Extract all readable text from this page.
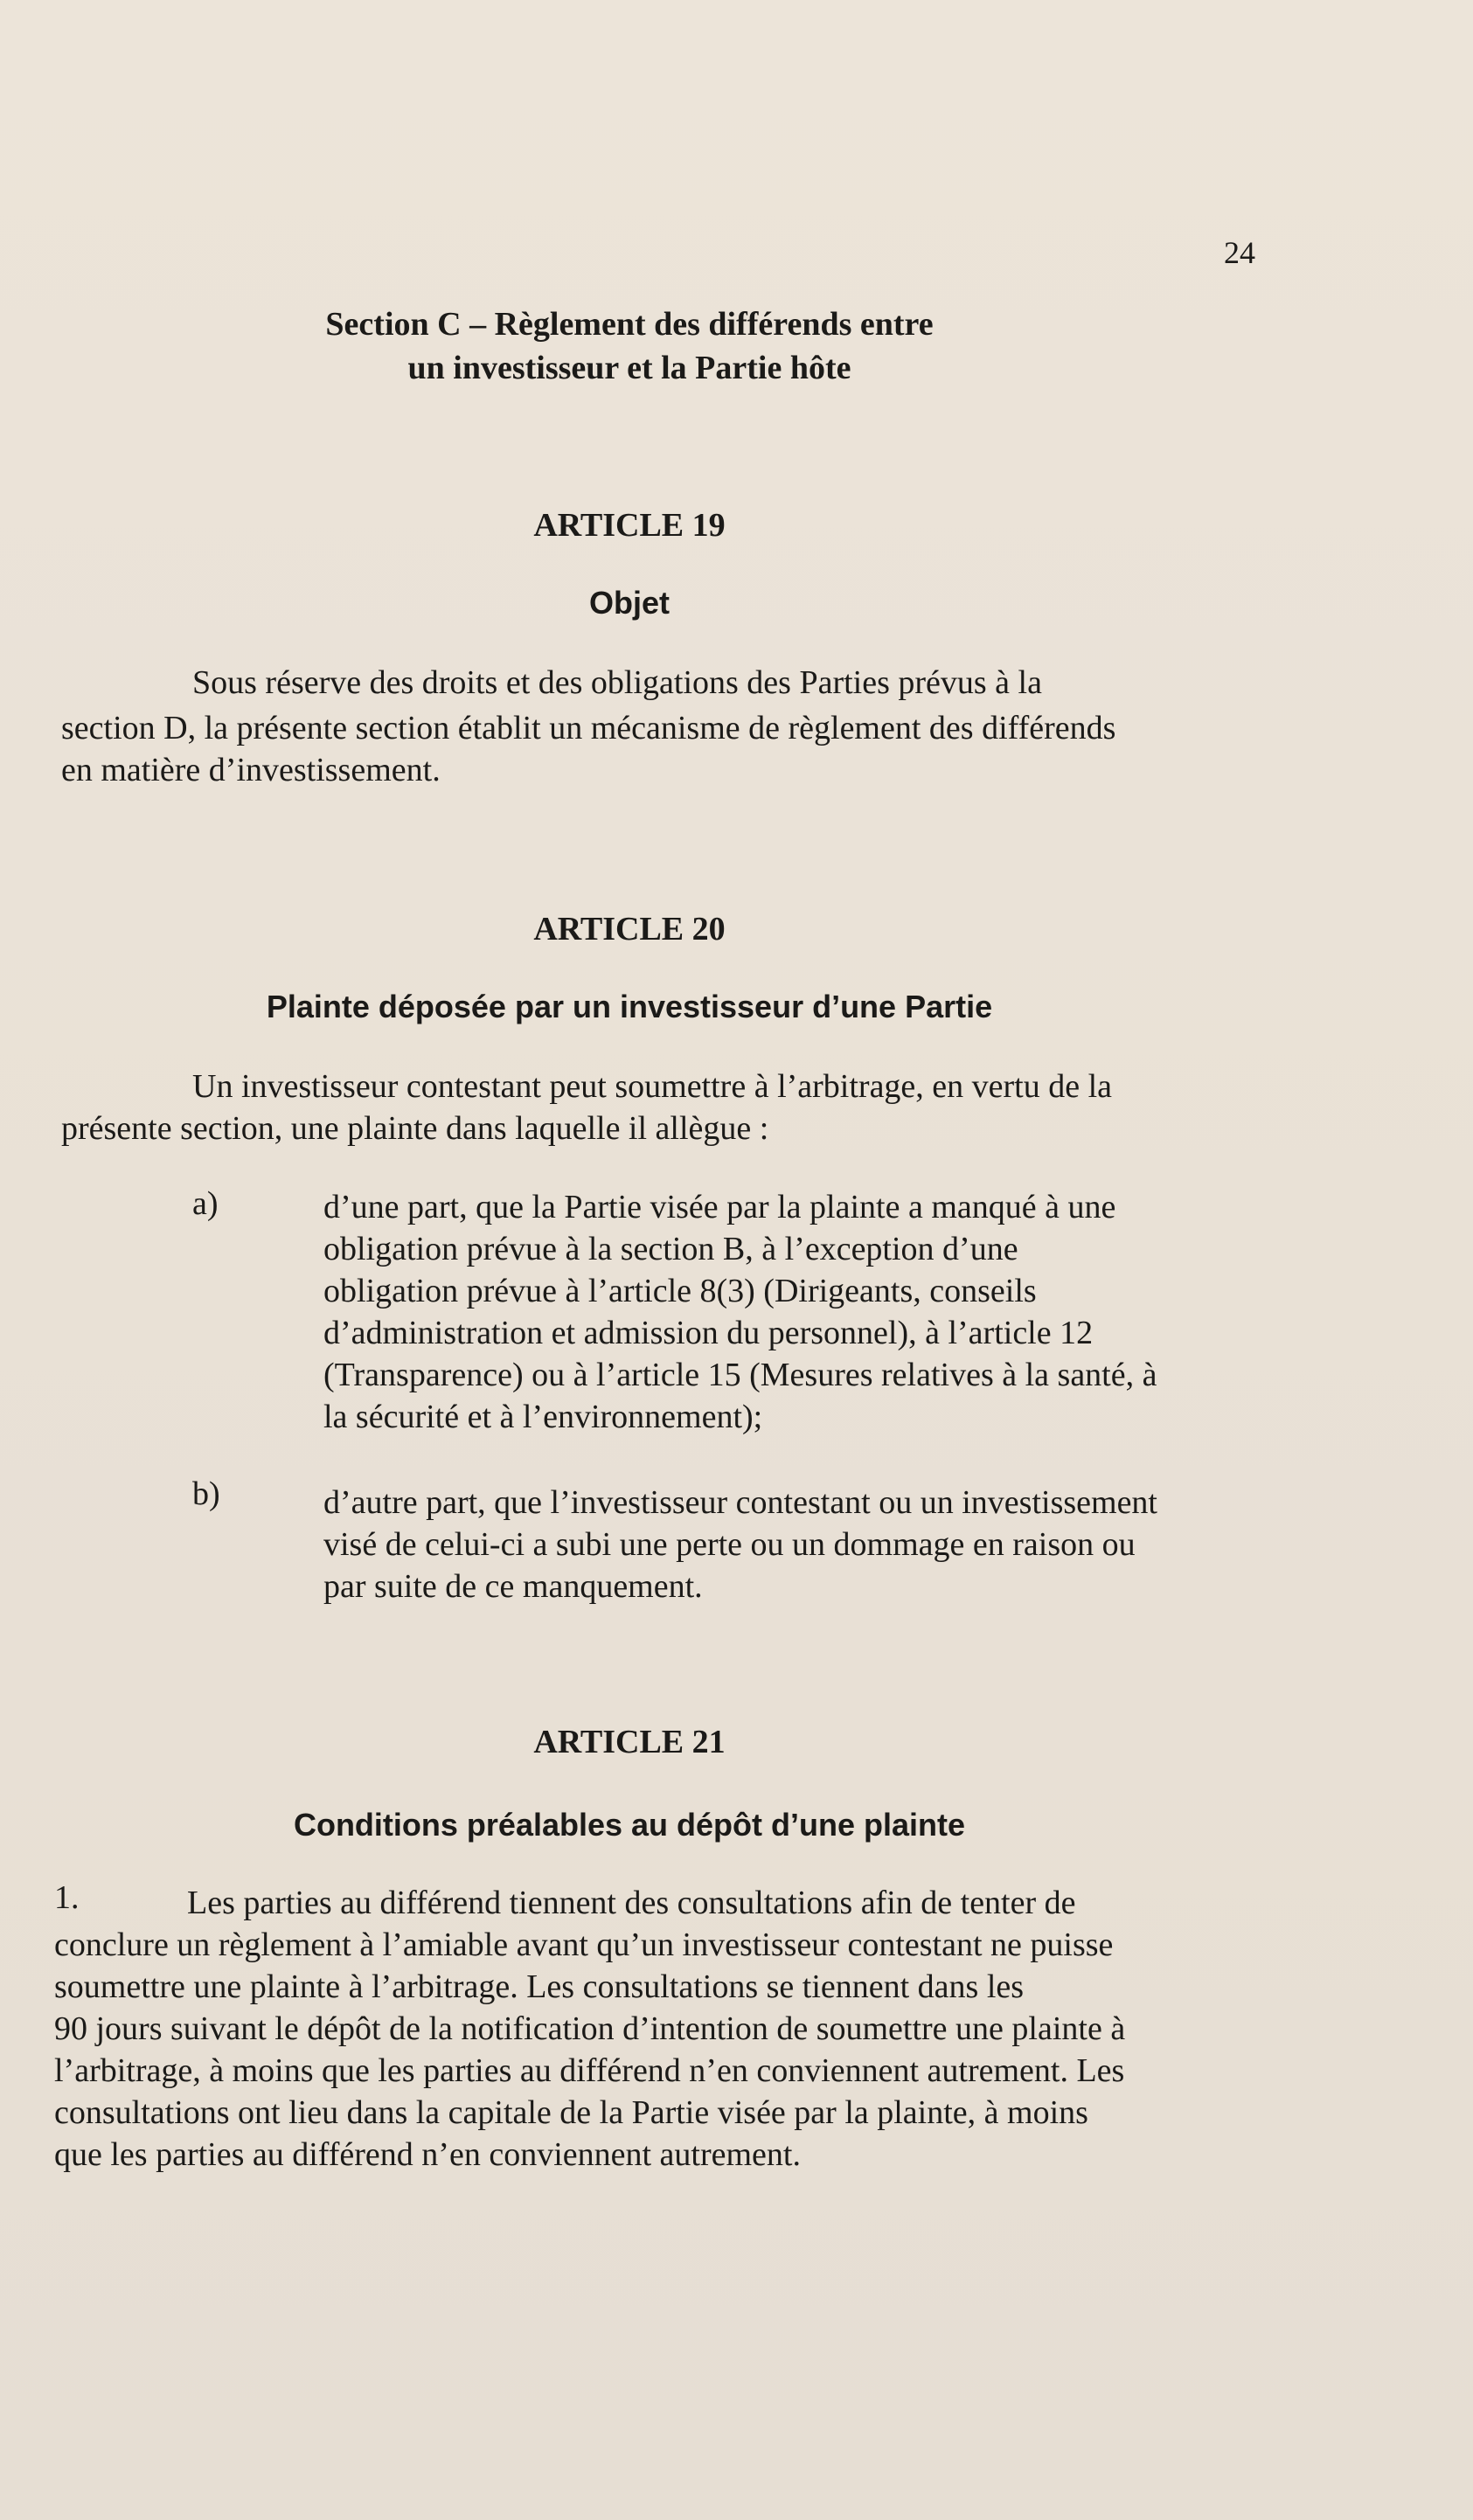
24
Section C – Règlement des différends entre
un investisseur et la Partie hôte
ARTICLE 19
Objet
Sous réserve des droits et des obligations des Parties prévus à la
section D, la présente section établit un mécanisme de règlement des différends
en matière d’investissement.
ARTICLE 20
Plainte déposée par un investisseur d’une Partie
Un investisseur contestant peut soumettre à l’arbitrage, en vertu de la
présente section, une plainte dans laquelle il allègue :
a)	d’une part, que la Partie visée par la plainte a manqué à une
obligation prévue à la section B, à l’exception d’une
obligation prévue à l’article 8(3) (Dirigeants, conseils
d’administration et admission du personnel), à l’article 12
(Transparence) ou à l’article 15 (Mesures relatives à la santé, à
la sécurité et à l’environnement);
b)	d’autre part, que l’investisseur contestant ou un investissement
visé de celui-ci a subi une perte ou un dommage en raison ou
par suite de ce manquement.
ARTICLE 21
Conditions préalables au dépôt d’une plainte
1.	Les parties au différend tiennent des consultations afin de tenter de
conclure un règlement à l’amiable avant qu’un investisseur contestant ne puisse
soumettre une plainte à l’arbitrage. Les consultations se tiennent dans les
90 jours suivant le dépôt de la notification d’intention de soumettre une plainte à
l’arbitrage, à moins que les parties au différend n’en conviennent autrement. Les
consultations ont lieu dans la capitale de la Partie visée par la plainte, à moins
que les parties au différend n’en conviennent autrement.
